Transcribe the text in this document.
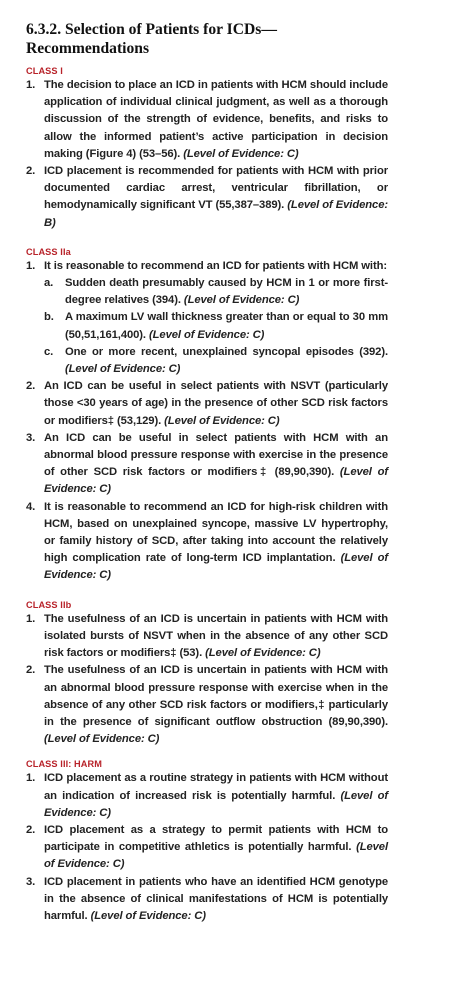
6.3.2. Selection of Patients for ICDs—Recommendations
CLASS I
1. The decision to place an ICD in patients with HCM should include application of individual clinical judgment, as well as a thorough discussion of the strength of evidence, benefits, and risks to allow the informed patient’s active participation in decision making (Figure 4) (53–56). (Level of Evidence: C)
2. ICD placement is recommended for patients with HCM with prior documented cardiac arrest, ventricular fibrillation, or hemodynamically significant VT (55,387–389). (Level of Evidence: B)
CLASS IIa
1. It is reasonable to recommend an ICD for patients with HCM with:
a. Sudden death presumably caused by HCM in 1 or more first-degree relatives (394). (Level of Evidence: C)
b. A maximum LV wall thickness greater than or equal to 30 mm (50,51,161,400). (Level of Evidence: C)
c. One or more recent, unexplained syncopal episodes (392). (Level of Evidence: C)
2. An ICD can be useful in select patients with NSVT (particularly those <30 years of age) in the presence of other SCD risk factors or modifiers‡ (53,129). (Level of Evidence: C)
3. An ICD can be useful in select patients with HCM with an abnormal blood pressure response with exercise in the presence of other SCD risk factors or modifiers‡ (89,90,390). (Level of Evidence: C)
4. It is reasonable to recommend an ICD for high-risk children with HCM, based on unexplained syncope, massive LV hypertrophy, or family history of SCD, after taking into account the relatively high complication rate of long-term ICD implantation. (Level of Evidence: C)
CLASS IIb
1. The usefulness of an ICD is uncertain in patients with HCM with isolated bursts of NSVT when in the absence of any other SCD risk factors or modifiers‡ (53). (Level of Evidence: C)
2. The usefulness of an ICD is uncertain in patients with HCM with an abnormal blood pressure response with exercise when in the absence of any other SCD risk factors or modifiers,‡ particularly in the presence of significant outflow obstruction (89,90,390). (Level of Evidence: C)
CLASS III: HARM
1. ICD placement as a routine strategy in patients with HCM without an indication of increased risk is potentially harmful. (Level of Evidence: C)
2. ICD placement as a strategy to permit patients with HCM to participate in competitive athletics is potentially harmful. (Level of Evidence: C)
3. ICD placement in patients who have an identified HCM genotype in the absence of clinical manifestations of HCM is potentially harmful. (Level of Evidence: C)
